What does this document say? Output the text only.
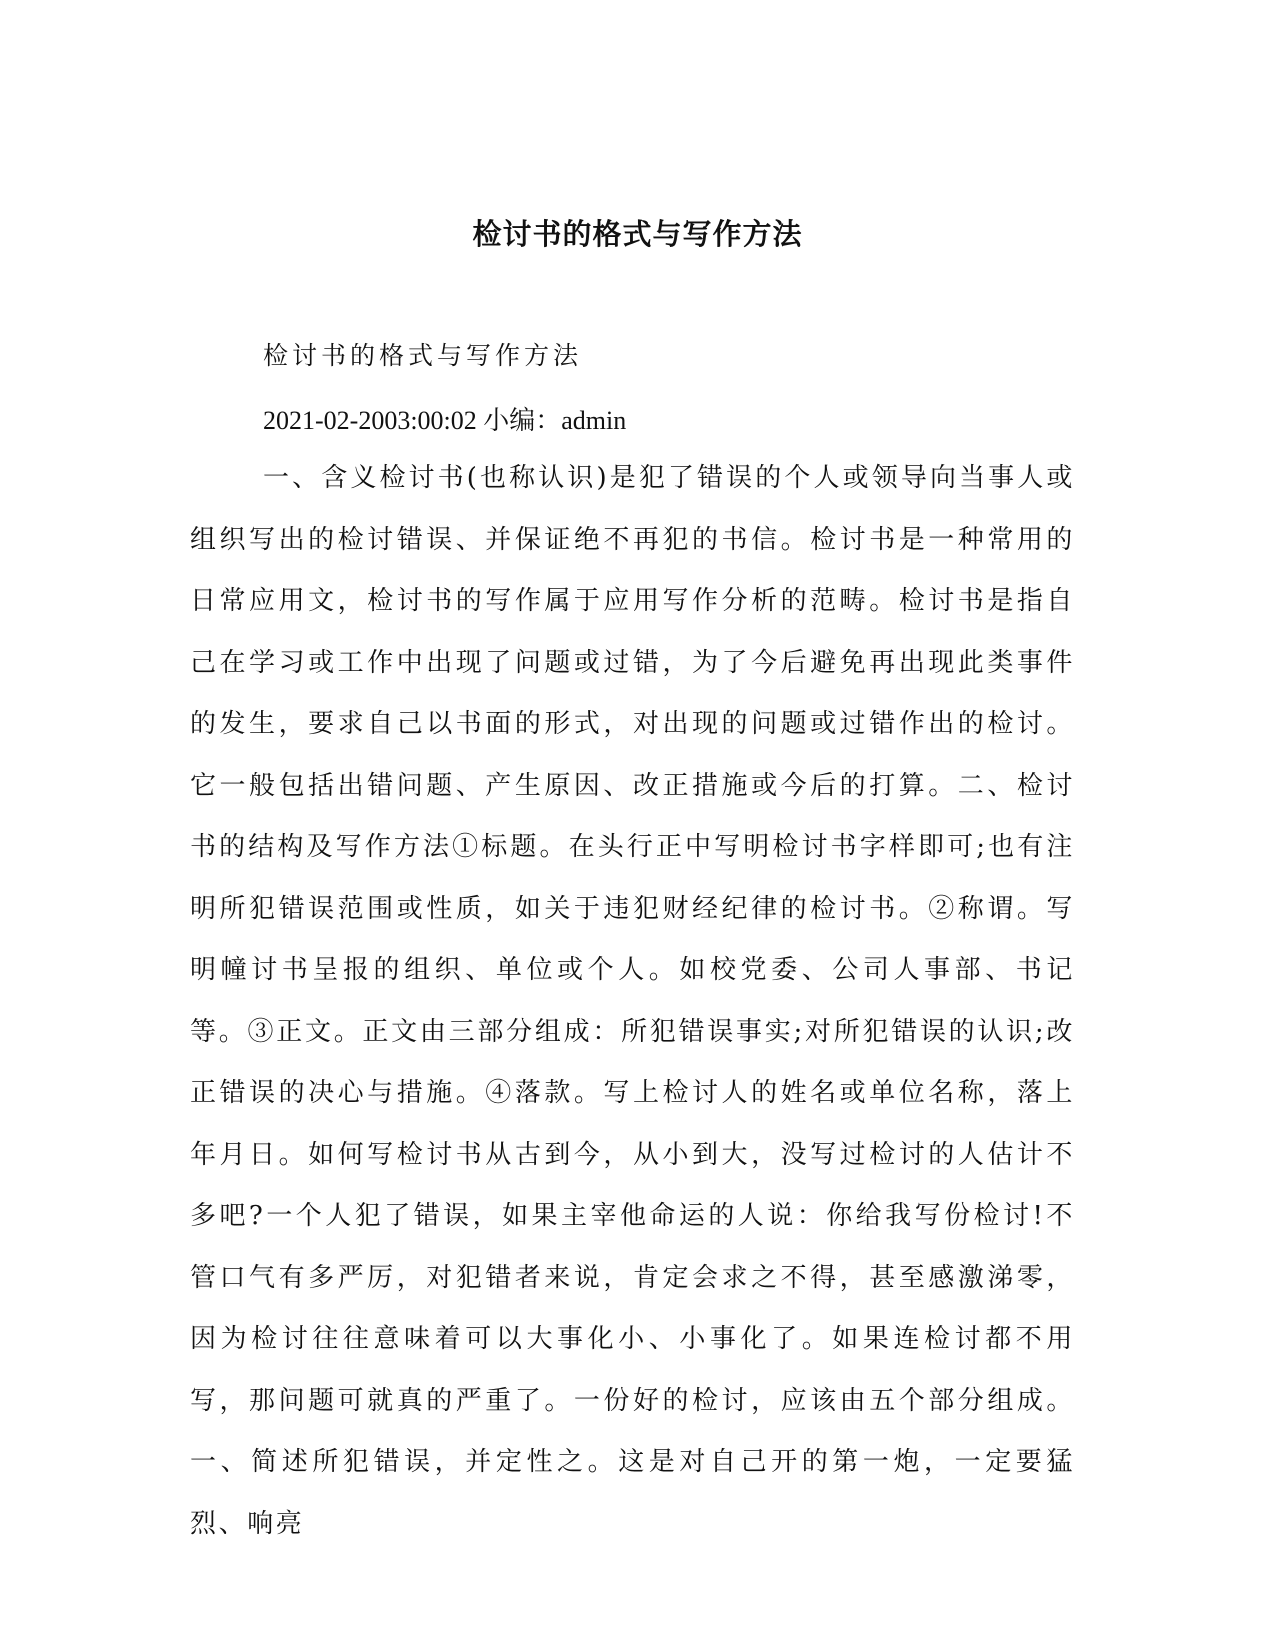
检讨书的格式与写作方法

检讨书的格式与写作方法

2021-02-2003:00:02 小编：admin

一、含义检讨书(也称认识)是犯了错误的个人或领导向当事人或组织写出的检讨错误、并保证绝不再犯的书信。检讨书是一种常用的日常应用文，检讨书的写作属于应用写作分析的范畴。检讨书是指自己在学习或工作中出现了问题或过错，为了今后避免再出现此类事件的发生，要求自己以书面的形式，对出现的问题或过错作出的检讨。它一般包括出错问题、产生原因、改正措施或今后的打算。二、检讨书的结构及写作方法①标题。在头行正中写明检讨书字样即可;也有注明所犯错误范围或性质，如关于违犯财经纪律的检讨书。②称谓。写明幢讨书呈报的组织、单位或个人。如校党委、公司人事部、书记等。③正文。正文由三部分组成：所犯错误事实;对所犯错误的认识;改正错误的决心与措施。④落款。写上检讨人的姓名或单位名称，落上年月日。如何写检讨书从古到今，从小到大，没写过检讨的人估计不多吧?一个人犯了错误，如果主宰他命运的人说：你给我写份检讨!不管口气有多严厉，对犯错者来说，肯定会求之不得，甚至感激涕零，因为检讨往往意味着可以大事化小、小事化了。如果连检讨都不用写，那问题可就真的严重了。一份好的检讨，应该由五个部分组成。一、简述所犯错误，并定性之。这是对自己开的第一炮，一定要猛烈、响亮
